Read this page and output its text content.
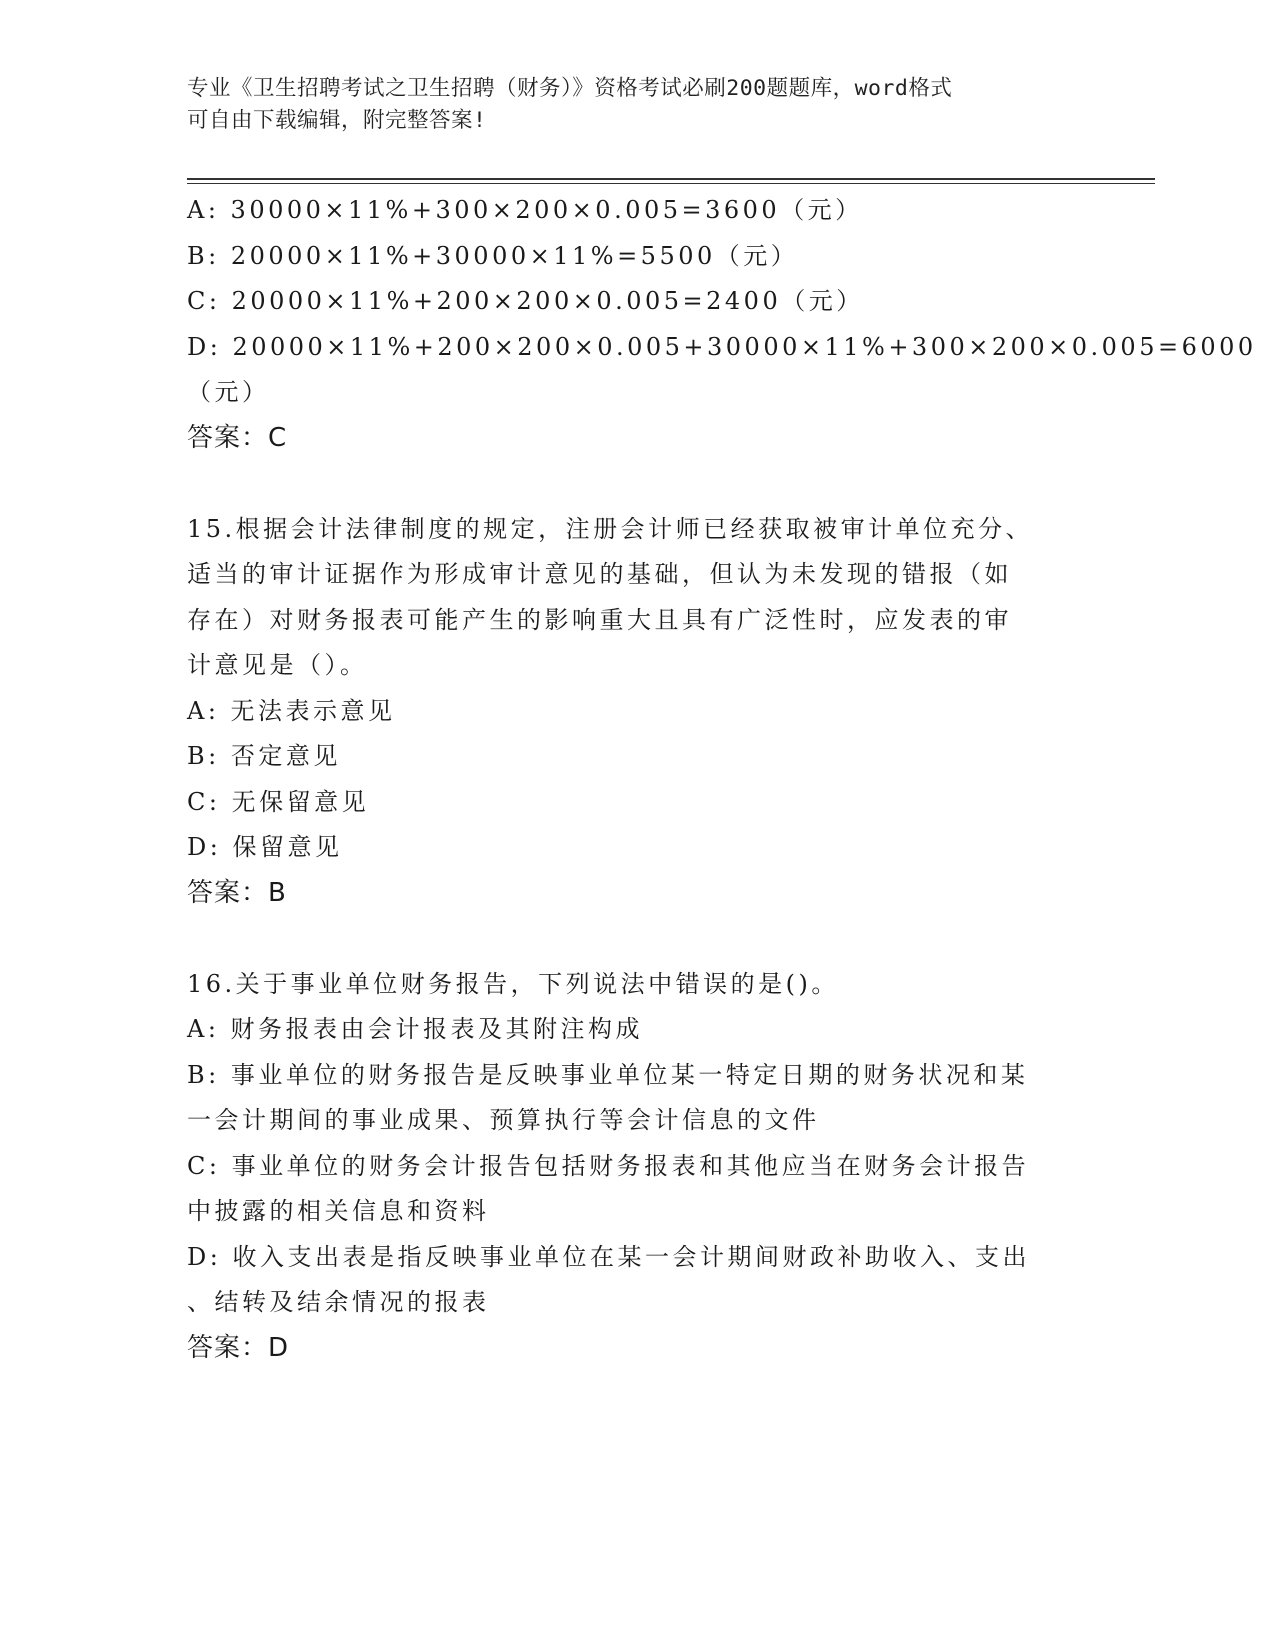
专业《卫生招聘考试之卫生招聘（财务）》资格考试必刷200题题库，word格式
可自由下载编辑，附完整答案!
A: 30000×11%+300×200×0.005=3600（元）
B: 20000×11%+30000×11%=5500（元）
C: 20000×11%+200×200×0.005=2400（元）
D: 20000×11%+200×200×0.005+30000×11%+300×200×0.005=6000
（元）
答案：C
15.根据会计法律制度的规定，注册会计师已经获取被审计单位充分、
适当的审计证据作为形成审计意见的基础，但认为未发现的错报（如
存在）对财务报表可能产生的影响重大且具有广泛性时，应发表的审
计意见是（）。
A: 无法表示意见
B: 否定意见
C: 无保留意见
D: 保留意见
答案：B
16.关于事业单位财务报告，下列说法中错误的是()。
A: 财务报表由会计报表及其附注构成
B: 事业单位的财务报告是反映事业单位某一特定日期的财务状况和某
一会计期间的事业成果、预算执行等会计信息的文件
C: 事业单位的财务会计报告包括财务报表和其他应当在财务会计报告
中披露的相关信息和资料
D: 收入支出表是指反映事业单位在某一会计期间财政补助收入、支出
、结转及结余情况的报表
答案：D
